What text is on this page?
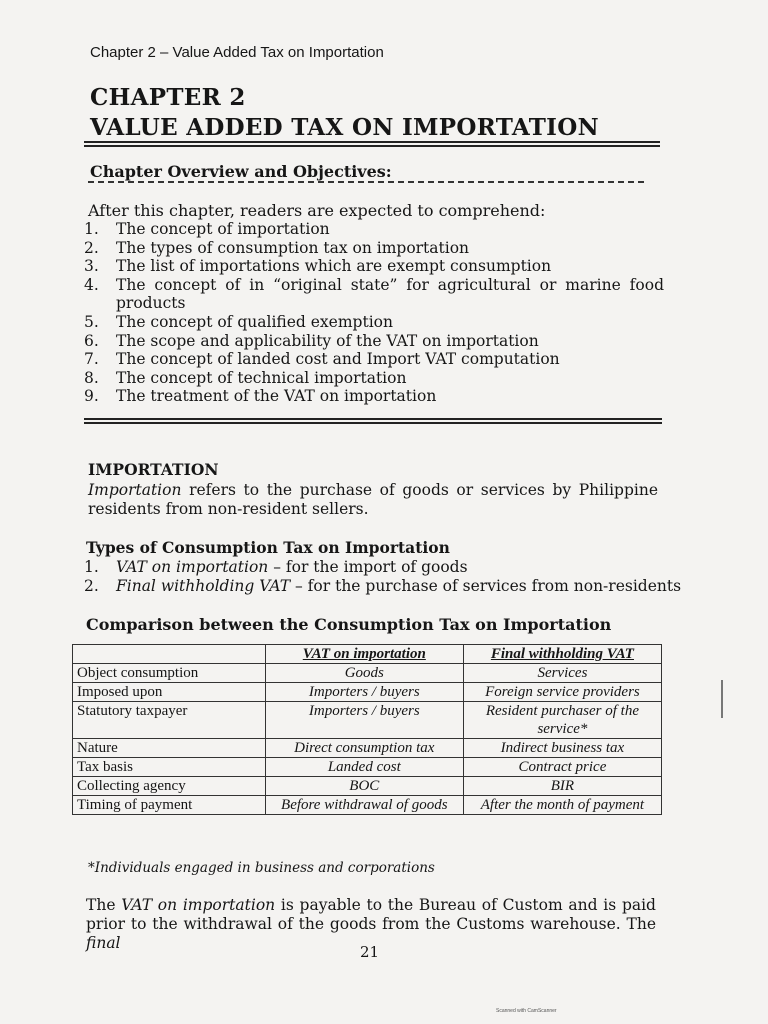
Chapter 2 – Value Added Tax on Importation
CHAPTER 2
VALUE ADDED TAX ON IMPORTATION
Chapter Overview and Objectives:
After this chapter, readers are expected to comprehend:
1.	The concept of importation
2.	The types of consumption tax on importation
3.	The list of importations which are exempt consumption
4.	The concept of in “original state” for agricultural or marine food products
5.	The concept of qualified exemption
6.	The scope and applicability of the VAT on importation
7.	The concept of landed cost and Import VAT computation
8.	The concept of technical importation
9.	The treatment of the VAT on importation
IMPORTATION
Importation refers to the purchase of goods or services by Philippine residents from non-resident sellers.
Types of Consumption Tax on Importation
1.	VAT on importation – for the import of goods
2.	Final withholding VAT – for the purchase of services from non-residents
Comparison between the Consumption Tax on Importation
	VAT on importation	Final withholding VAT
Object consumption	Goods	Services
Imposed upon	Importers / buyers	Foreign service providers
Statutory taxpayer	Importers / buyers	Resident purchaser of the service*
Nature	Direct consumption tax	Indirect business tax
Tax basis	Landed cost	Contract price
Collecting agency	BOC	BIR
Timing of payment	Before withdrawal of goods	After the month of payment
*Individuals engaged in business and corporations
The VAT on importation is payable to the Bureau of Custom and is paid prior to the withdrawal of the goods from the Customs warehouse. The final	21
Scanned with CamScanner
